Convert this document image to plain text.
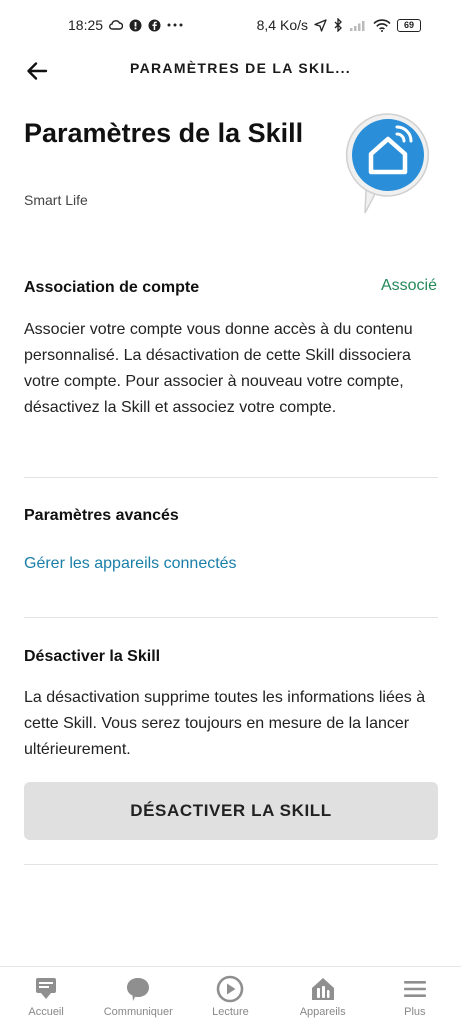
18:25	8,4 Ko/s	69
PARAMÈTRES DE LA SKIL...
Paramètres de la Skill
Smart Life
Association de compte	Associé

Associer votre compte vous donne accès à du contenu personnalisé. La désactivation de cette Skill dissociera votre compte. Pour associer à nouveau votre compte, désactivez la Skill et associez votre compte.

Paramètres avancés
Gérer les appareils connectés
Désactiver la Skill

La désactivation supprime toutes les informations liées à cette Skill. Vous serez toujours en mesure de la lancer ultérieurement.

DÉSACTIVER LA SKILL
Accueil	Communiquer	Lecture	Appareils	Plus
